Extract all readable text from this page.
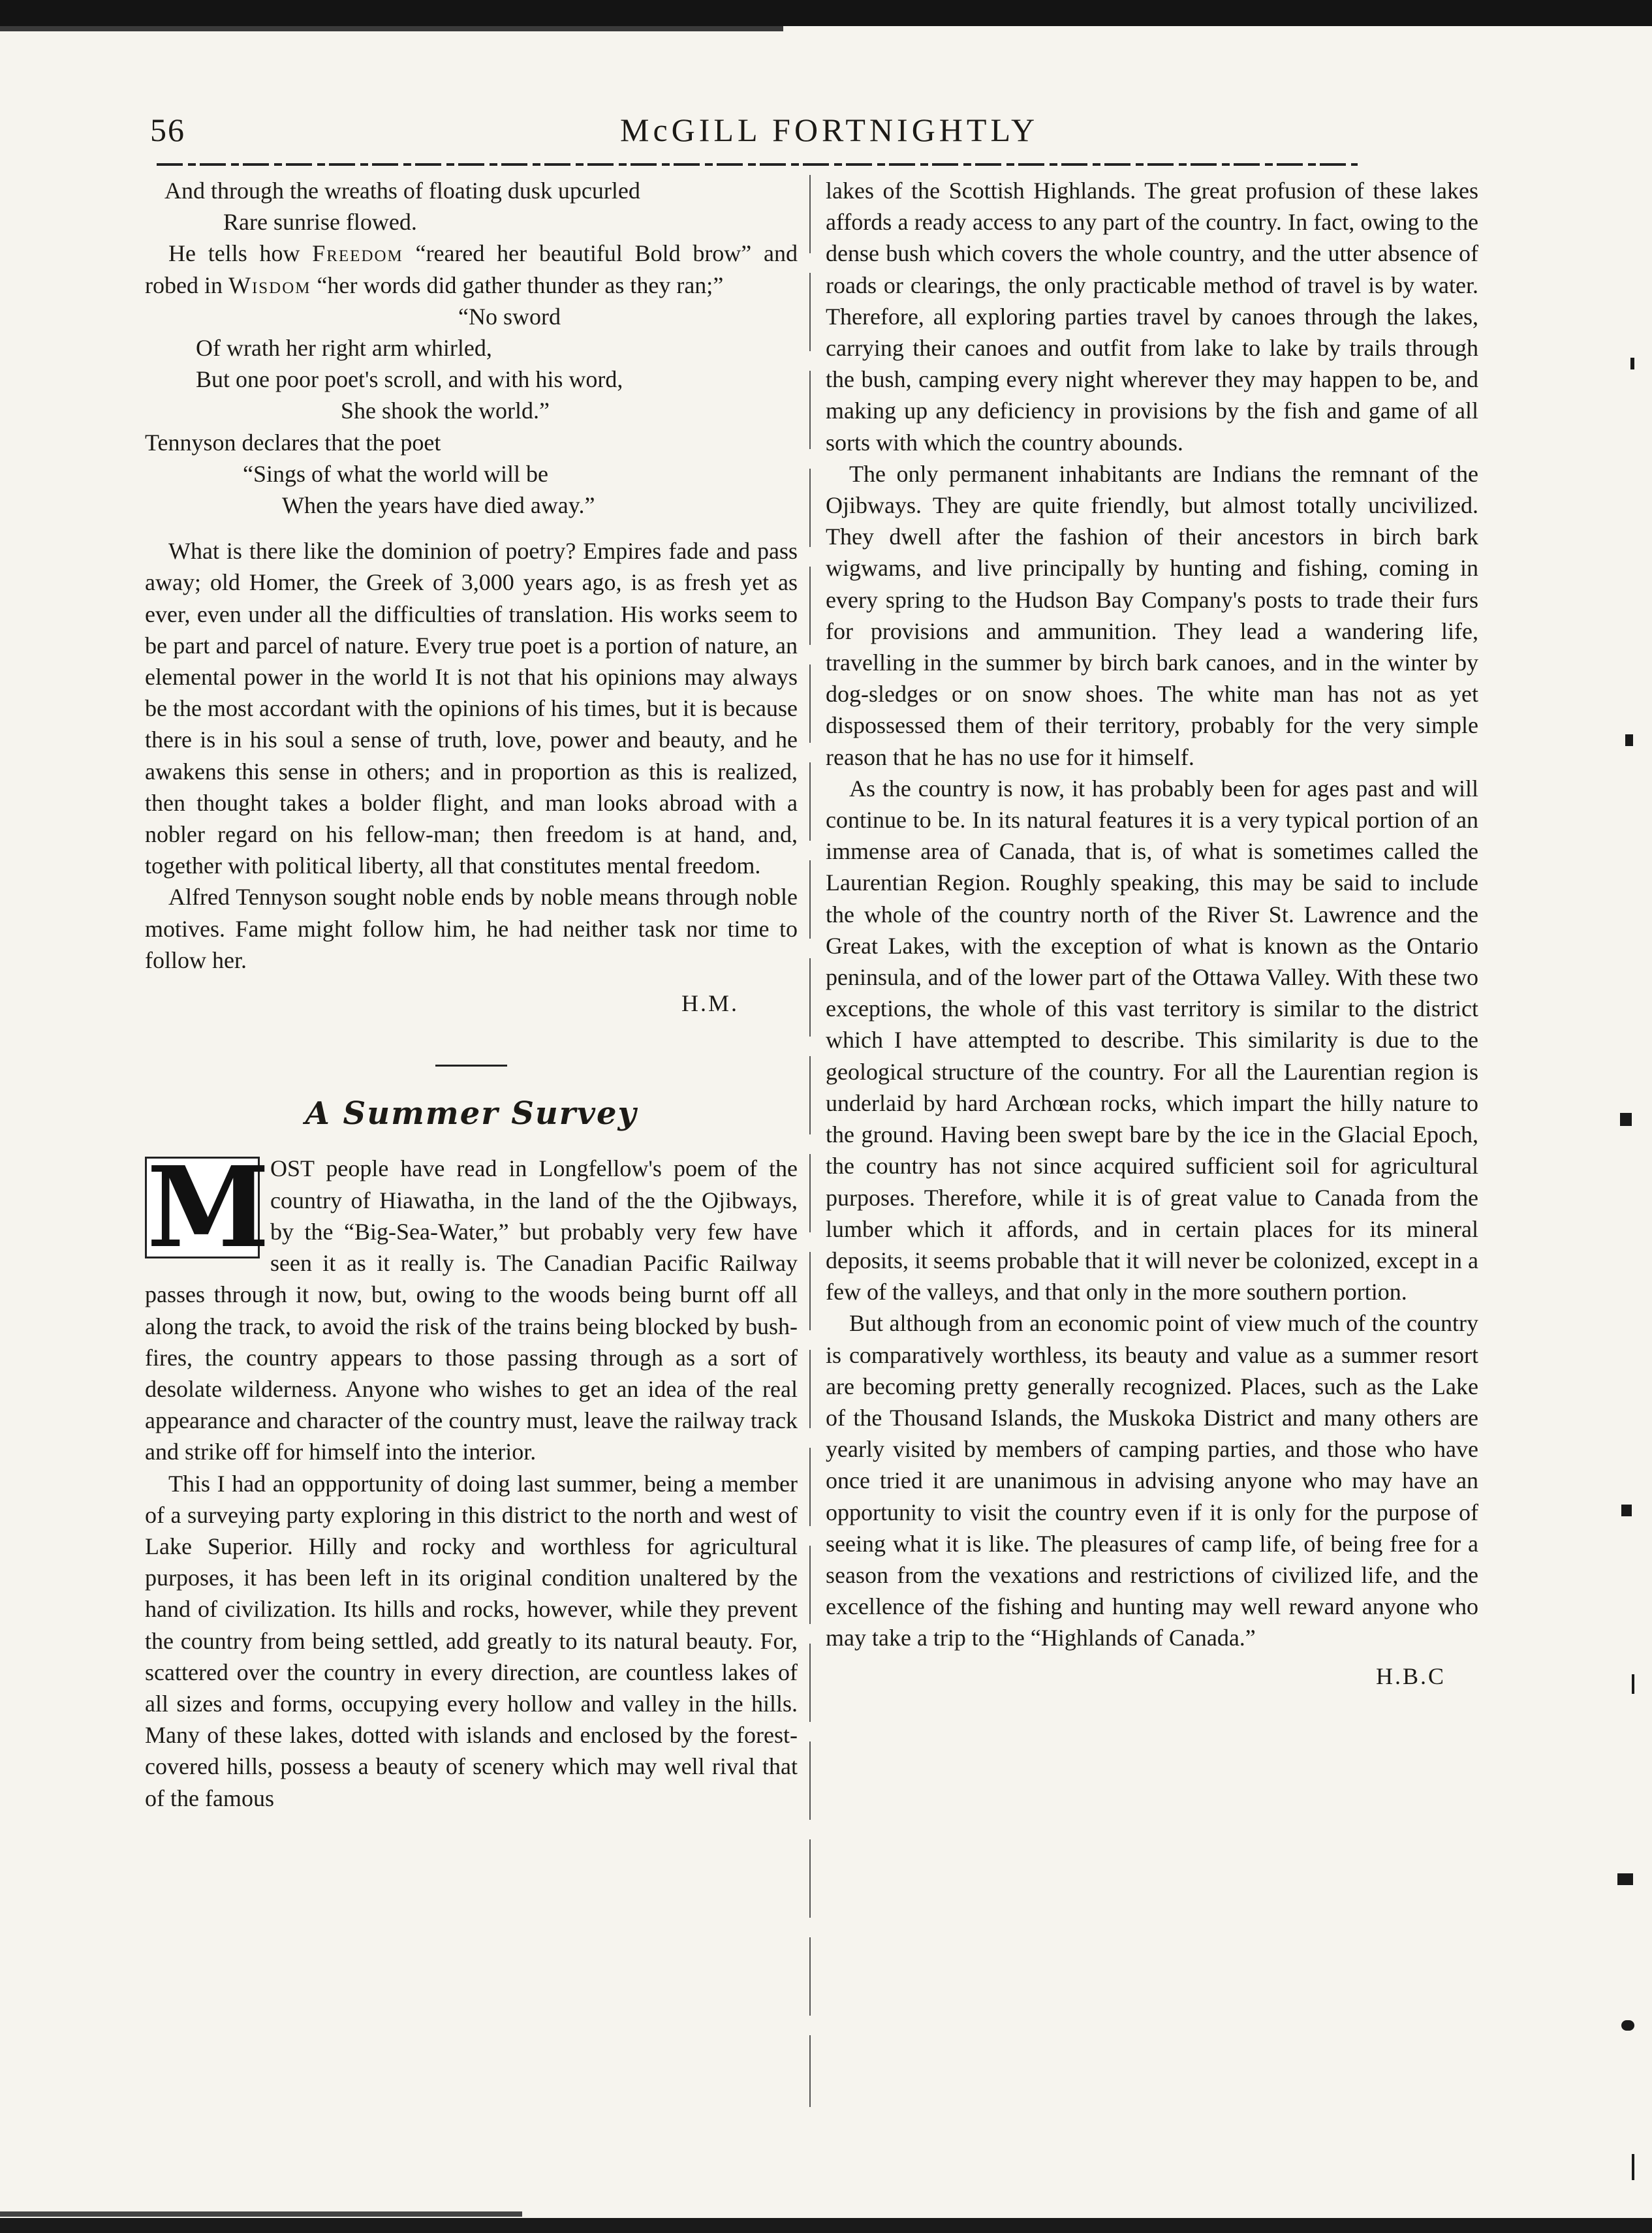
56	McGILL FORTNIGHTLY
And through the wreaths of floating dusk upcurled
Rare sunrise flowed.

He tells how Freedom “reared her beautiful Bold brow” and robed in Wisdom “her words did gather thunder as they ran;”

“No sword
Of wrath her right arm whirled,
But one poor poet's scroll, and with his word,
She shook the world.”
Tennyson declares that the poet
“Sings of what the world will be
When the years have died away.”

What is there like the dominion of poetry? Empires fade and pass away; old Homer, the Greek of 3,000 years ago, is as fresh yet as ever, even under all the difficulties of translation. His works seem to be part and parcel of nature. Every true poet is a portion of nature, an elemental power in the world It is not that his opinions may always be the most accordant with the opinions of his times, but it is because there is in his soul a sense of truth, love, power and beauty, and he awakens this sense in others; and in proportion as this is realized, then thought takes a bolder flight, and man looks abroad with a nobler regard on his fellow-man; then freedom is at hand, and, together with political liberty, all that constitutes mental freedom.

Alfred Tennyson sought noble ends by noble means through noble motives. Fame might follow him, he had neither task nor time to follow her.

H.M.
A Summer Survey

M OST people have read in Longfellow's poem of the country of Hiawatha, in the land of the the Ojibways, by the “Big-Sea-Water,” but probably very few have seen it as it really is. The Canadian Pacific Railway passes through it now, but, owing to the woods being burnt off all along the track, to avoid the risk of the trains being blocked by bush-fires, the country appears to those passing through as a sort of desolate wilderness. Anyone who wishes to get an idea of the real appearance and character of the country must, leave the railway track and strike off for himself into the interior.

This I had an oppportunity of doing last summer, being a member of a surveying party exploring in this district to the north and west of Lake Superior. Hilly and rocky and worthless for agricultural purposes, it has been left in its original condition unaltered by the hand of civilization. Its hills and rocks, however, while they prevent the country from being settled, add greatly to its natural beauty. For, scattered over the country in every direction, are countless lakes of all sizes and forms, occupying every hollow and valley in the hills. Many of these lakes, dotted with islands and enclosed by the forest-covered hills, possess a beauty of scenery which may well rival that of the famous

lakes of the Scottish Highlands. The great profusion of these lakes affords a ready access to any part of the country. In fact, owing to the dense bush which covers the whole country, and the utter absence of roads or clearings, the only practicable method of travel is by water. Therefore, all exploring parties travel by canoes through the lakes, carrying their canoes and outfit from lake to lake by trails through the bush, camping every night wherever they may happen to be, and making up any deficiency in provisions by the fish and game of all sorts with which the country abounds.

The only permanent inhabitants are Indians the remnant of the Ojibways. They are quite friendly, but almost totally uncivilized. They dwell after the fashion of their ancestors in birch bark wigwams, and live principally by hunting and fishing, coming in every spring to the Hudson Bay Company's posts to trade their furs for provisions and ammunition. They lead a wandering life, travelling in the summer by birch bark canoes, and in the winter by dog-sledges or on snow shoes. The white man has not as yet dispossessed them of their territory, probably for the very simple reason that he has no use for it himself.

As the country is now, it has probably been for ages past and will continue to be. In its natural features it is a very typical portion of an immense area of Canada, that is, of what is sometimes called the Laurentian Region. Roughly speaking, this may be said to include the whole of the country north of the River St. Lawrence and the Great Lakes, with the exception of what is known as the Ontario peninsula, and of the lower part of the Ottawa Valley. With these two exceptions, the whole of this vast territory is similar to the district which I have attempted to describe. This similarity is due to the geological structure of the country. For all the Laurentian region is underlaid by hard Archœan rocks, which impart the hilly nature to the ground. Having been swept bare by the ice in the Glacial Epoch, the country has not since acquired sufficient soil for agricultural purposes. Therefore, while it is of great value to Canada from the lumber which it affords, and in certain places for its mineral deposits, it seems probable that it will never be colonized, except in a few of the valleys, and that only in the more southern portion.

But although from an economic point of view much of the country is comparatively worthless, its beauty and value as a summer resort are becoming pretty generally recognized. Places, such as the Lake of the Thousand Islands, the Muskoka District and many others are yearly visited by members of camping parties, and those who have once tried it are unanimous in advising anyone who may have an opportunity to visit the country even if it is only for the purpose of seeing what it is like. The pleasures of camp life, of being free for a season from the vexations and restrictions of civilized life, and the excellence of the fishing and hunting may well reward anyone who may take a trip to the “Highlands of Canada.”

H.B.C
